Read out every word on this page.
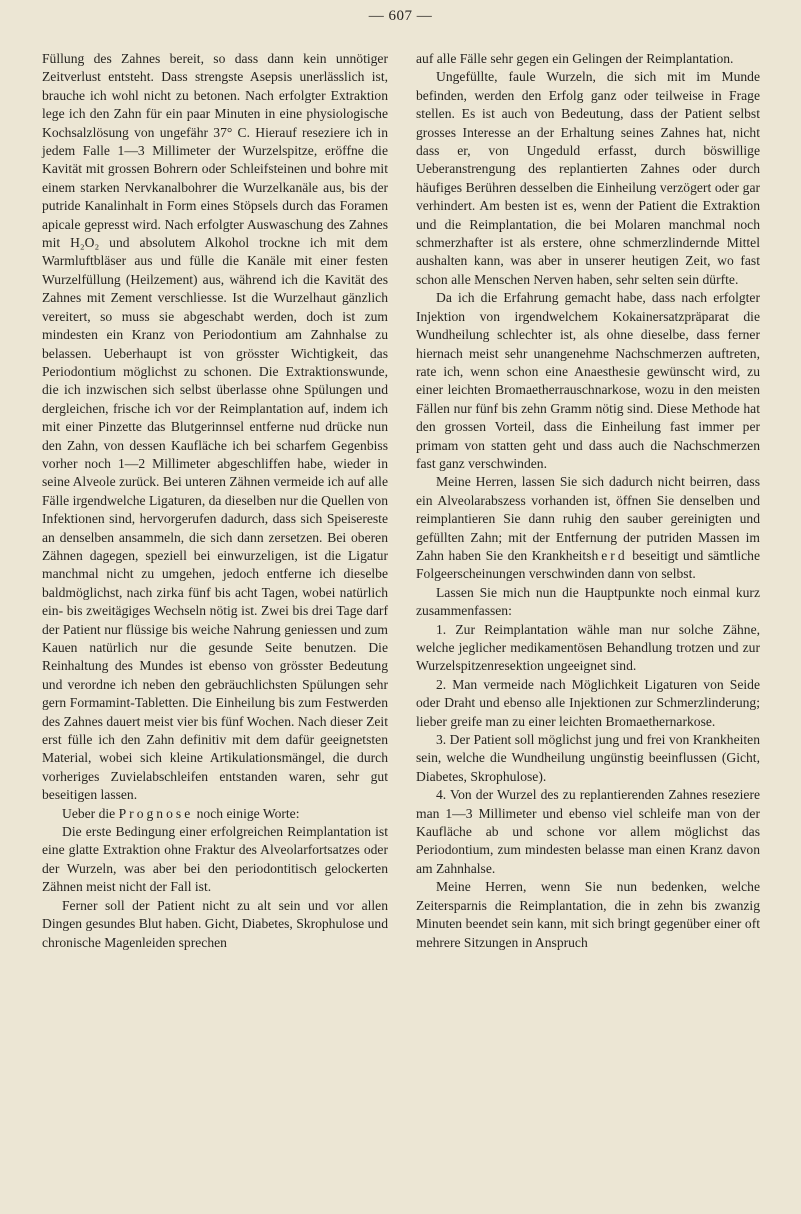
— 607 —

Füllung des Zahnes bereit, so dass dann kein unnötiger Zeitverlust entsteht. Dass strengste Asepsis unerlässlich ist, brauche ich wohl nicht zu betonen. Nach erfolgter Extraktion lege ich den Zahn für ein paar Minuten in eine physiologische Kochsalzlösung von ungefähr 37° C. Hierauf reseziere ich in jedem Falle 1—3 Millimeter der Wurzelspitze, eröffne die Kavität mit grossen Bohrern oder Schleifsteinen und bohre mit einem starken Nervkanalbohrer die Wurzelkanäle aus, bis der putride Kanalinhalt in Form eines Stöpsels durch das Foramen apicale gepresst wird. Nach erfolgter Auswaschung des Zahnes mit H₂O₂ und absolutem Alkohol trockne ich mit dem Warmluftbläser aus und fülle die Kanäle mit einer festen Wurzelfüllung (Heilzement) aus, während ich die Kavität des Zahnes mit Zement verschliesse. Ist die Wurzelhaut gänzlich vereitert, so muss sie abgeschabt werden, doch ist zum mindesten ein Kranz von Periodontium am Zahnhalse zu belassen. Ueberhaupt ist von grösster Wichtigkeit, das Periodontium möglichst zu schonen. Die Extraktionswunde, die ich inzwischen sich selbst überlasse ohne Spülungen und dergleichen, frische ich vor der Reimplantation auf, indem ich mit einer Pinzette das Blutgerinnsel entferne nud drücke nun den Zahn, von dessen Kaufläche ich bei scharfem Gegenbiss vorher noch 1—2 Millimeter abgeschliffen habe, wieder in seine Alveole zurück. Bei unteren Zähnen vermeide ich auf alle Fälle irgendwelche Ligaturen, da dieselben nur die Quellen von Infektionen sind, hervorgerufen dadurch, dass sich Speisereste an denselben ansammeln, die sich dann zersetzen. Bei oberen Zähnen dagegen, speziell bei einwurzeligen, ist die Ligatur manchmal nicht zu umgehen, jedoch entferne ich dieselbe baldmöglichst, nach zirka fünf bis acht Tagen, wobei natürlich ein- bis zweitägiges Wechseln nötig ist. Zwei bis drei Tage darf der Patient nur flüssige bis weiche Nahrung geniessen und zum Kauen natürlich nur die gesunde Seite benutzen. Die Reinhaltung des Mundes ist ebenso von grösster Bedeutung und verordne ich neben den gebräuchlichsten Spülungen sehr gern Formamint-Tabletten. Die Einheilung bis zum Festwerden des Zahnes dauert meist vier bis fünf Wochen. Nach dieser Zeit erst fülle ich den Zahn definitiv mit dem dafür geeignetsten Material, wobei sich kleine Artikulationsmängel, die durch vorheriges Zuvielabschleifen entstanden waren, sehr gut beseitigen lassen.

Ueber die Prognose noch einige Worte:

Die erste Bedingung einer erfolgreichen Reimplantation ist eine glatte Extraktion ohne Fraktur des Alveolarfortsatzes oder der Wurzeln, was aber bei den periodontitisch gelockerten Zähnen meist nicht der Fall ist.

Ferner soll der Patient nicht zu alt sein und vor allen Dingen gesundes Blut haben. Gicht, Diabetes, Skrophulose und chronische Magenleiden sprechen

auf alle Fälle sehr gegen ein Gelingen der Reimplantation.

Ungefüllte, faule Wurzeln, die sich mit im Munde befinden, werden den Erfolg ganz oder teilweise in Frage stellen. Es ist auch von Bedeutung, dass der Patient selbst grosses Interesse an der Erhaltung seines Zahnes hat, nicht dass er, von Ungeduld erfasst, durch böswillige Ueberanstrengung des replantierten Zahnes oder durch häufiges Berühren desselben die Einheilung verzögert oder gar verhindert. Am besten ist es, wenn der Patient die Extraktion und die Reimplantation, die bei Molaren manchmal noch schmerzhafter ist als erstere, ohne schmerzlindernde Mittel aushalten kann, was aber in unserer heutigen Zeit, wo fast schon alle Menschen Nerven haben, sehr selten sein dürfte.

Da ich die Erfahrung gemacht habe, dass nach erfolgter Injektion von irgendwelchem Kokainersatzpräparat die Wundheilung schlechter ist, als ohne dieselbe, dass ferner hiernach meist sehr unangenehme Nachschmerzen auftreten, rate ich, wenn schon eine Anaesthesie gewünscht wird, zu einer leichten Bromaetherrauschnarkose, wozu in den meisten Fällen nur fünf bis zehn Gramm nötig sind. Diese Methode hat den grossen Vorteil, dass die Einheilung fast immer per primam von statten geht und dass auch die Nachschmerzen fast ganz verschwinden.

Meine Herren, lassen Sie sich dadurch nicht beirren, dass ein Alveolarabszess vorhanden ist, öffnen Sie denselben und reimplantieren Sie dann ruhig den sauber gereinigten und gefüllten Zahn; mit der Entfernung der putriden Massen im Zahn haben Sie den Krankheitsherd beseitigt und sämtliche Folgeerscheinungen verschwinden dann von selbst.

Lassen Sie mich nun die Hauptpunkte noch einmal kurz zusammenfassen:

1. Zur Reimplantation wähle man nur solche Zähne, welche jeglicher medikamentösen Behandlung trotzen und zur Wurzelspitzenresektion ungeeignet sind.

2. Man vermeide nach Möglichkeit Ligaturen von Seide oder Draht und ebenso alle Injektionen zur Schmerzlinderung; lieber greife man zu einer leichten Bromaethernarkose.

3. Der Patient soll möglichst jung und frei von Krankheiten sein, welche die Wundheilung ungünstig beeinflussen (Gicht, Diabetes, Skrophulose).

4. Von der Wurzel des zu replantierenden Zahnes reseziere man 1—3 Millimeter und ebenso viel schleife man von der Kaufläche ab und schone vor allem möglichst das Periodontium, zum mindesten belasse man einen Kranz davon am Zahnhalse.

Meine Herren, wenn Sie nun bedenken, welche Zeitersparnis die Reimplantation, die in zehn bis zwanzig Minuten beendet sein kann, mit sich bringt gegenüber einer oft mehrere Sitzungen in Anspruch
